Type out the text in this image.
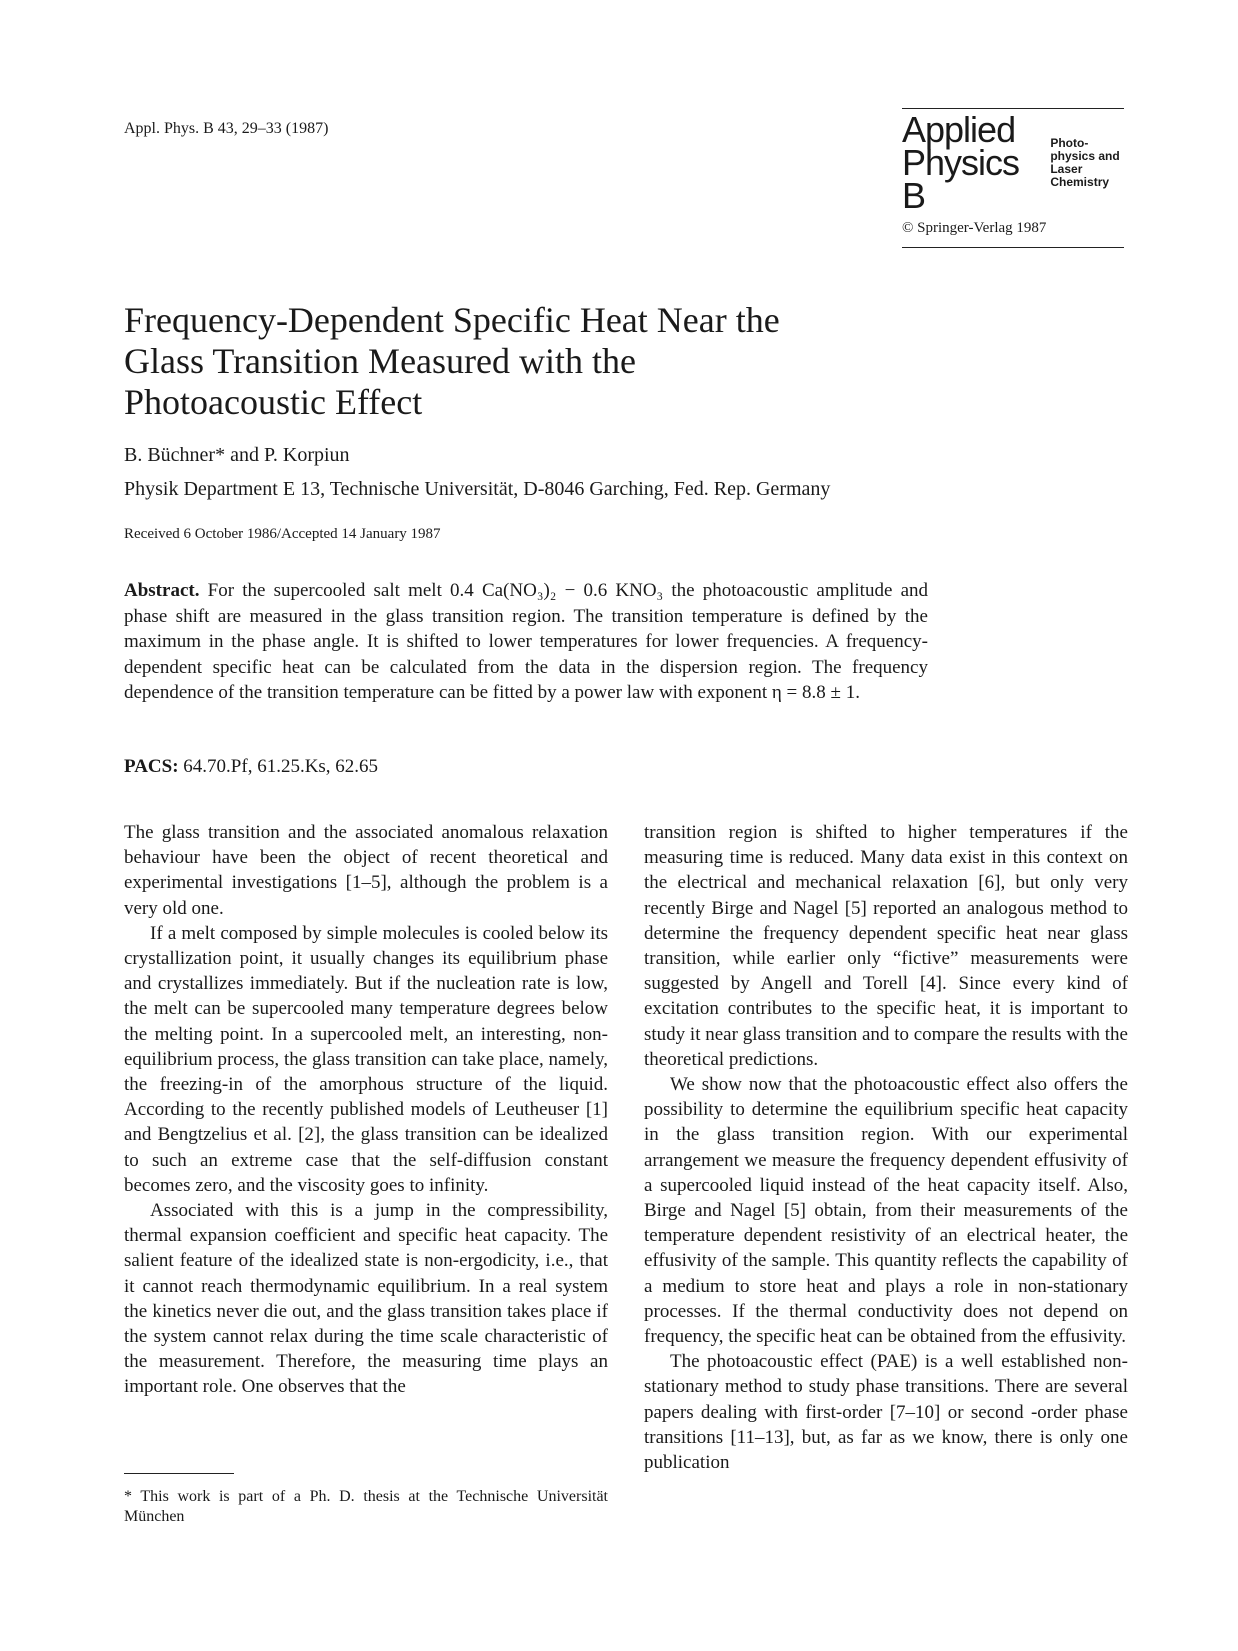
Appl. Phys. B 43, 29–33 (1987)	Applied
Physics B
Photo-physics and Laser Chemistry
© Springer-Verlag 1987
Frequency-Dependent Specific Heat Near the Glass Transition Measured with the Photoacoustic Effect
B. Büchner* and P. Korpiun
Physik Department E 13, Technische Universität, D-8046 Garching, Fed. Rep. Germany
Received 6 October 1986/Accepted 14 January 1987

Abstract. For the supercooled salt melt 0.4 Ca(NO₃)₂ − 0.6 KNO₃ the photoacoustic amplitude and phase shift are measured in the glass transition region. The transition temperature is defined by the maximum in the phase angle. It is shifted to lower temperatures for lower frequencies. A frequency-dependent specific heat can be calculated from the data in the dispersion region. The frequency dependence of the transition temperature can be fitted by a power law with exponent η = 8.8 ± 1.

PACS: 64.70.Pf, 61.25.Ks, 62.65

The glass transition and the associated anomalous relaxation behaviour have been the object of recent theoretical and experimental investigations [1–5], although the problem is a very old one.

If a melt composed by simple molecules is cooled below its crystallization point, it usually changes its equilibrium phase and crystallizes immediately. But if the nucleation rate is low, the melt can be supercooled many temperature degrees below the melting point. In a supercooled melt, an interesting, non-equilibrium process, the glass transition can take place, namely, the freezing-in of the amorphous structure of the liquid. According to the recently published models of Leutheuser [1] and Bengtzelius et al. [2], the glass transition can be idealized to such an extreme case that the self-diffusion constant becomes zero, and the viscosity goes to infinity.

Associated with this is a jump in the compressibility, thermal expansion coefficient and specific heat capacity. The salient feature of the idealized state is non-ergodicity, i.e., that it cannot reach thermodynamic equilibrium. In a real system the kinetics never die out, and the glass transition takes place if the system cannot relax during the time scale characteristic of the measurement. Therefore, the measuring time plays an important role. One observes that the

transition region is shifted to higher temperatures if the measuring time is reduced. Many data exist in this context on the electrical and mechanical relaxation [6], but only very recently Birge and Nagel [5] reported an analogous method to determine the frequency dependent specific heat near glass transition, while earlier only “fictive” measurements were suggested by Angell and Torell [4]. Since every kind of excitation contributes to the specific heat, it is important to study it near glass transition and to compare the results with the theoretical predictions.

We show now that the photoacoustic effect also offers the possibility to determine the equilibrium specific heat capacity in the glass transition region. With our experimental arrangement we measure the frequency dependent effusivity of a supercooled liquid instead of the heat capacity itself. Also, Birge and Nagel [5] obtain, from their measurements of the temperature dependent resistivity of an electrical heater, the effusivity of the sample. This quantity reflects the capability of a medium to store heat and plays a role in non-stationary processes. If the thermal conductivity does not depend on frequency, the specific heat can be obtained from the effusivity.

The photoacoustic effect (PAE) is a well established non-stationary method to study phase transitions. There are several papers dealing with first-order [7–10] or second -order phase transitions [11–13], but, as far as we know, there is only one publication

* This work is part of a Ph. D. thesis at the Technische Universität München
